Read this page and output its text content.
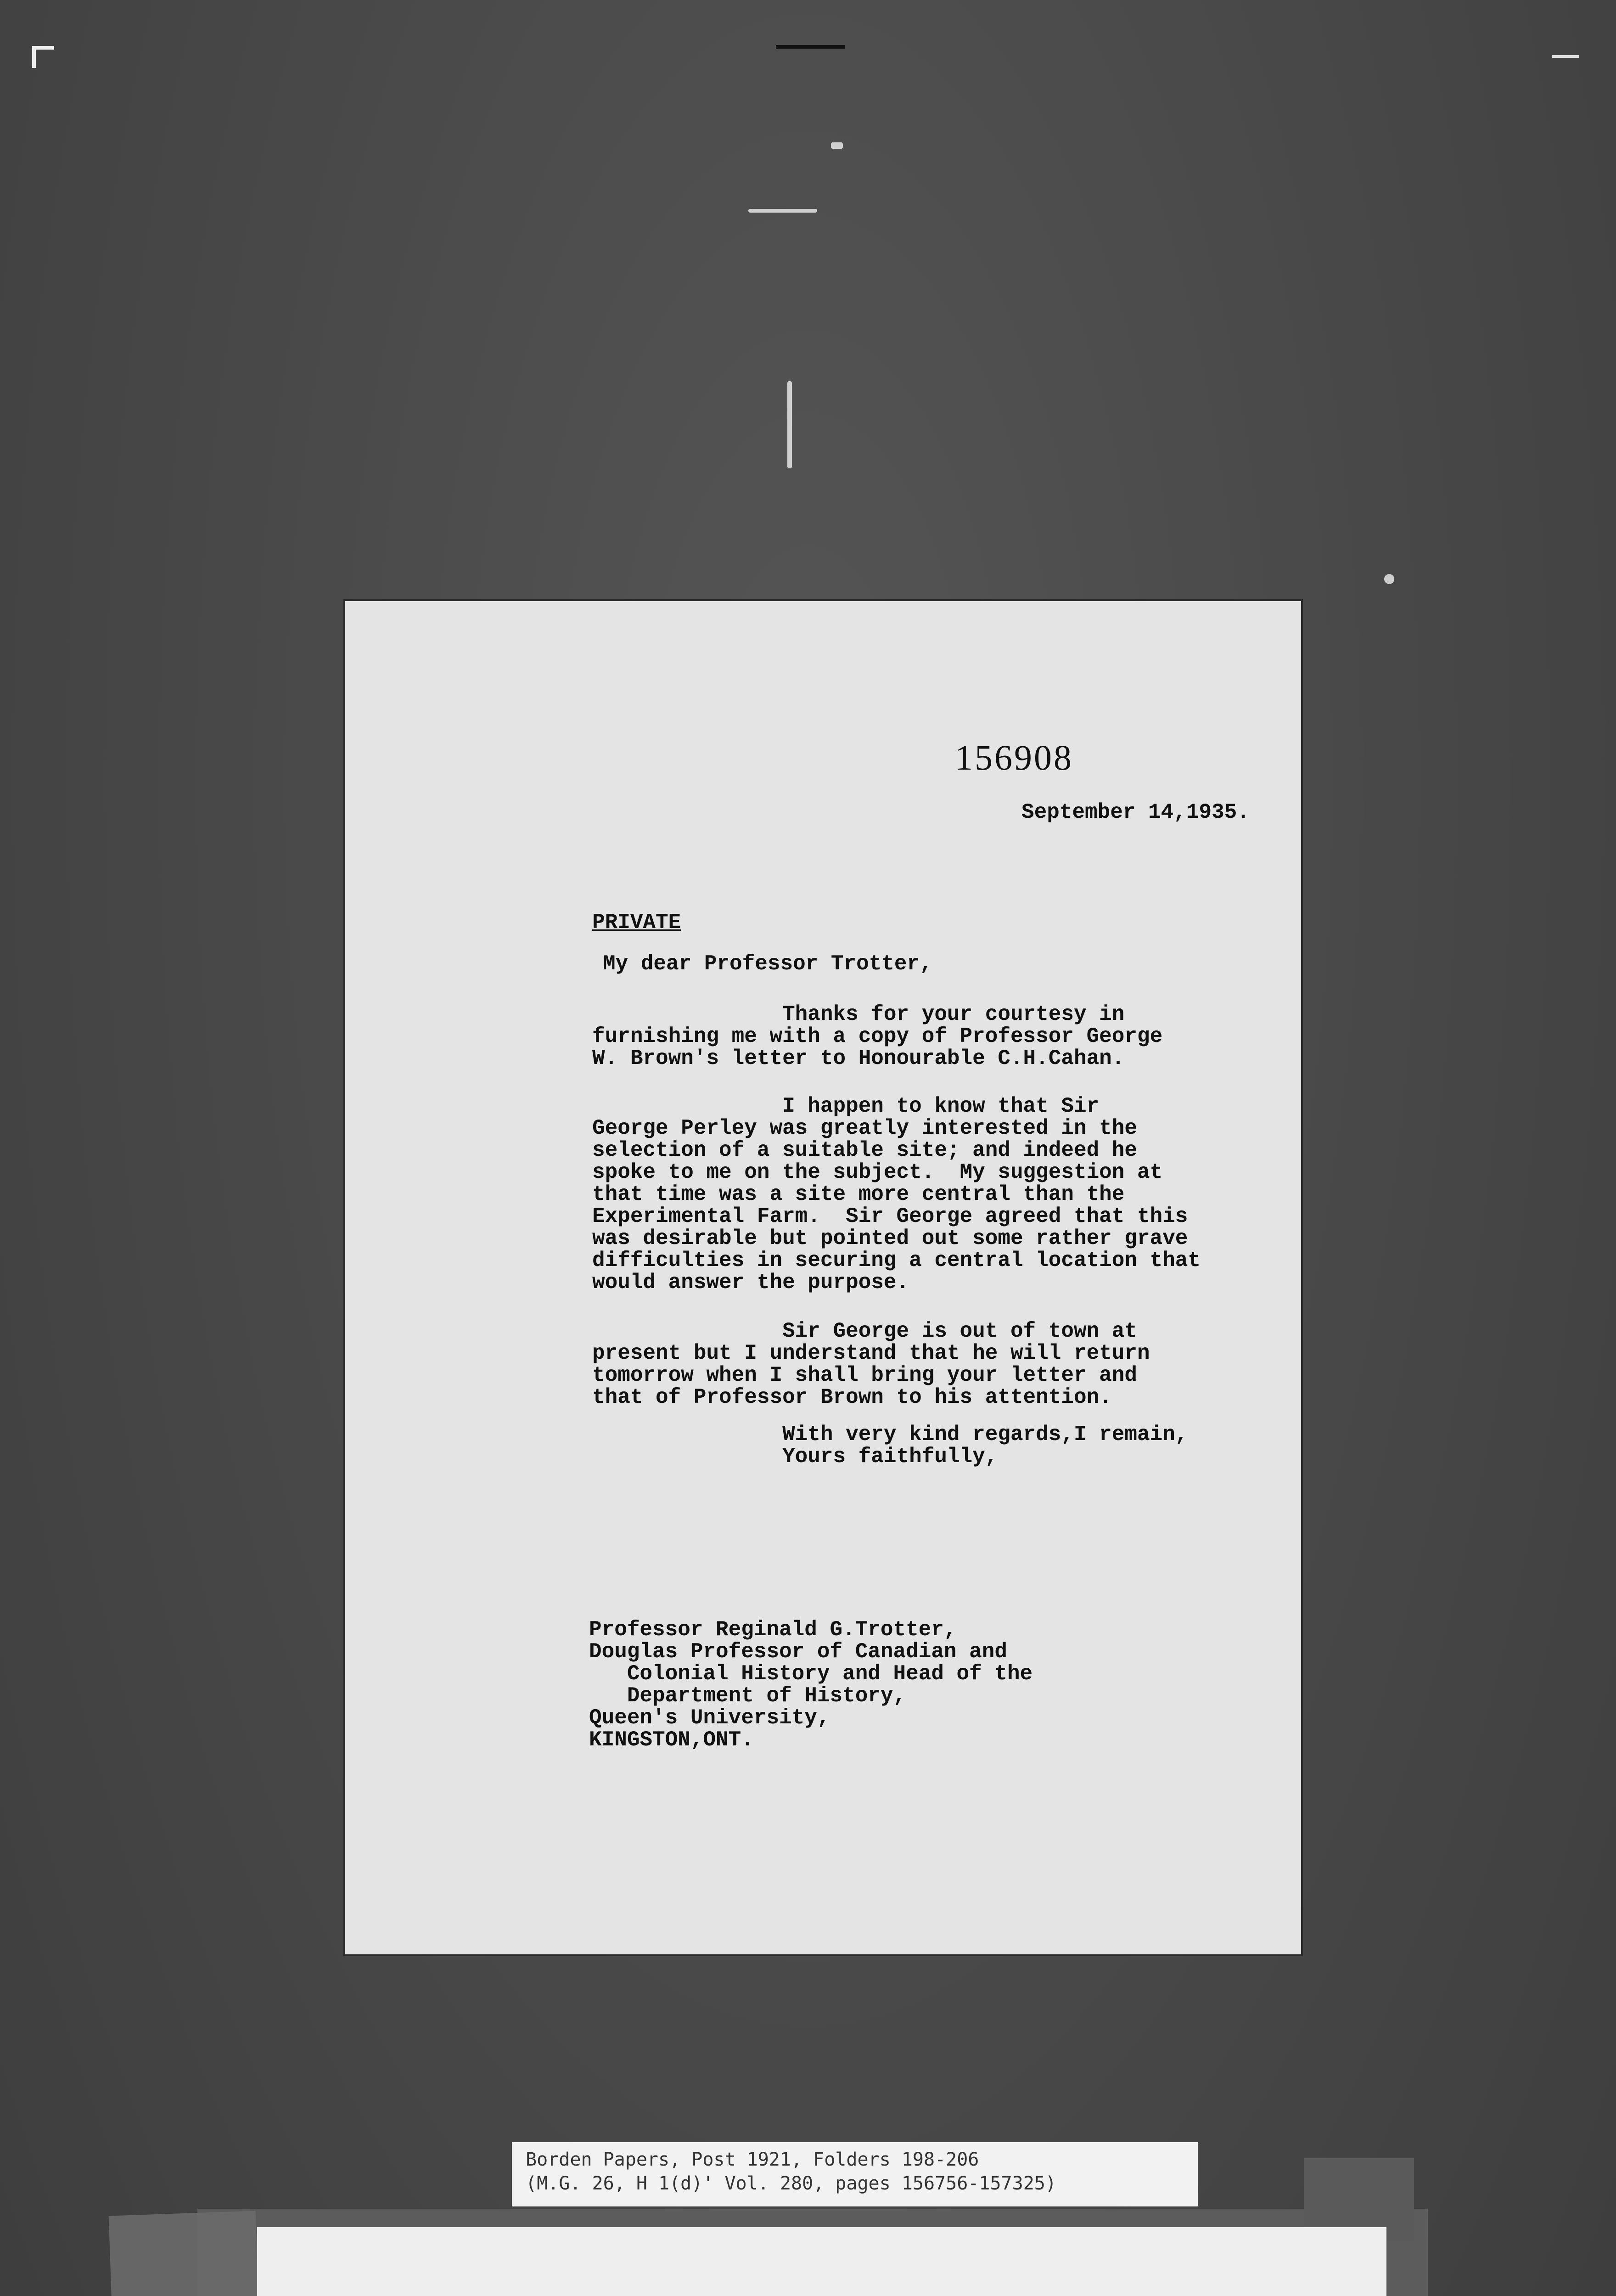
156908
September 14,1935.
PRIVATE
My dear Professor Trotter,
Thanks for your courtesy in
furnishing me with a copy of Professor George
W. Brown's letter to Honourable C.H.Cahan.
I happen to know that Sir
George Perley was greatly interested in the
selection of a suitable site; and indeed he
spoke to me on the subject.  My suggestion at
that time was a site more central than the
Experimental Farm.  Sir George agreed that this
was desirable but pointed out some rather grave
difficulties in securing a central location that
would answer the purpose.
Sir George is out of town at
present but I understand that he will return
tomorrow when I shall bring your letter and
that of Professor Brown to his attention.
With very kind regards,I remain,
Yours faithfully,
Professor Reginald G.Trotter,
Douglas Professor of Canadian and
Colonial History and Head of the
Department of History,
Queen's University,
KINGSTON,ONT.
Borden Papers, Post 1921, Folders 198-206
(M.G. 26, H 1(d)' Vol. 280, pages 156756-157325)
